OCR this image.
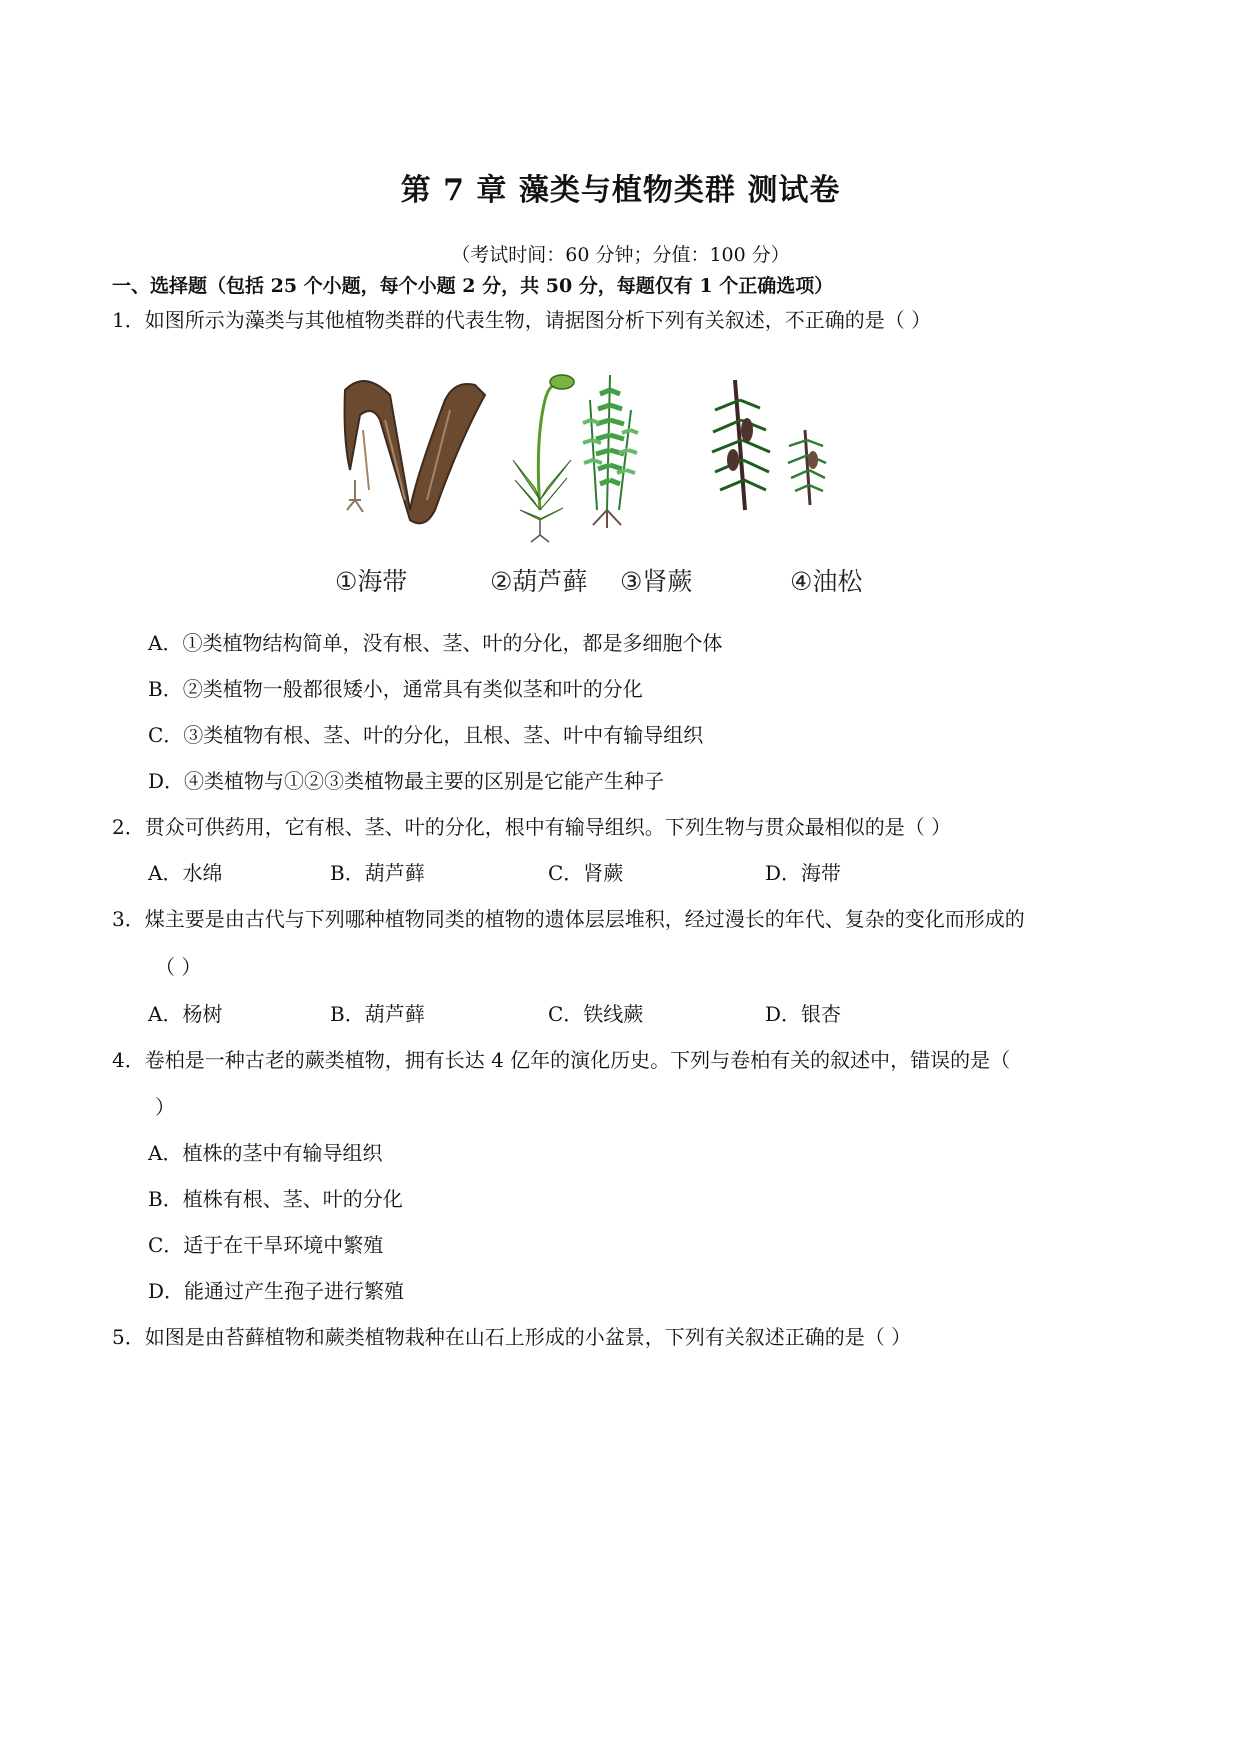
第 7 章 藻类与植物类群 测试卷
（考试时间：60 分钟；分值：100 分）
一、选择题（包括 25 个小题，每个小题 2 分，共 50 分，每题仅有 1 个正确选项）
1．如图所示为藻类与其他植物类群的代表生物，请据图分析下列有关叙述，不正确的是（ ）
①海带	②葫芦藓 ③肾蕨	④油松
A．①类植物结构简单，没有根、茎、叶的分化，都是多细胞个体
B．②类植物一般都很矮小，通常具有类似茎和叶的分化
C．③类植物有根、茎、叶的分化，且根、茎、叶中有输导组织
D．④类植物与①②③类植物最主要的区别是它能产生种子
2．贯众可供药用，它有根、茎、叶的分化，根中有输导组织。下列生物与贯众最相似的是（ ）
A．水绵	B．葫芦藓	C．肾蕨	D．海带
3．煤主要是由古代与下列哪种植物同类的植物的遗体层层堆积，经过漫长的年代、复杂的变化而形成的
（ ）
A．杨树	B．葫芦藓	C．铁线蕨	D．银杏
4．卷柏是一种古老的蕨类植物，拥有长达 4 亿年的演化历史。下列与卷柏有关的叙述中，错误的是（
）
A．植株的茎中有输导组织
B．植株有根、茎、叶的分化
C．适于在干旱环境中繁殖
D．能通过产生孢子进行繁殖
5．如图是由苔藓植物和蕨类植物栽种在山石上形成的小盆景，下列有关叙述正确的是（ ）
